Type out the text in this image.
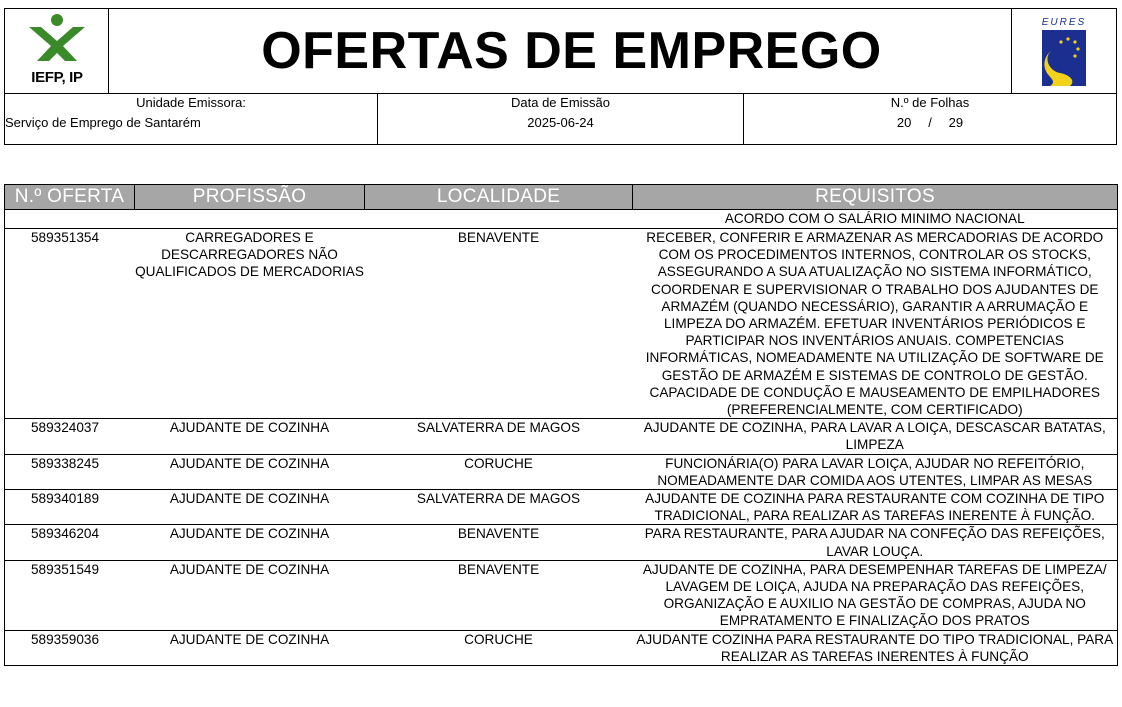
IEFP, IP	OFERTAS DE EMPREGO	EURES
Unidade Emissora:
Serviço de Emprego de Santarém
Data de Emissão
2025-06-24
N.º de Folhas
20 / 29
N.º OFERTA	PROFISSÃO	LOCALIDADE	REQUISITOS
			ACORDO COM O SALÁRIO MINIMO NACIONAL
589351354	CARREGADORES E DESCARREGADORES NÃO QUALIFICADOS DE MERCADORIAS	BENAVENTE	RECEBER, CONFERIR E ARMAZENAR AS MERCADORIAS DE ACORDO COM OS PROCEDIMENTOS INTERNOS, CONTROLAR OS STOCKS, ASSEGURANDO A SUA ATUALIZAÇÃO NO SISTEMA INFORMÁTICO, COORDENAR E SUPERVISIONAR O TRABALHO DOS AJUDANTES DE ARMAZÉM (QUANDO NECESSÁRIO), GARANTIR A ARRUMAÇÃO E LIMPEZA DO ARMAZÉM. EFETUAR INVENTÁRIOS PERIÓDICOS E PARTICIPAR NOS INVENTÁRIOS ANUAIS. COMPETENCIAS INFORMÁTICAS, NOMEADAMENTE NA UTILIZAÇÃO DE SOFTWARE DE GESTÃO DE ARMAZÉM E SISTEMAS DE CONTROLO DE GESTÃO. CAPACIDADE DE CONDUÇÃO E MAUSEAMENTO DE EMPILHADORES (PREFERENCIALMENTE, COM CERTIFICADO)
589324037	AJUDANTE DE COZINHA	SALVATERRA DE MAGOS	AJUDANTE DE COZINHA, PARA LAVAR A LOIÇA, DESCASCAR BATATAS, LIMPEZA
589338245	AJUDANTE DE COZINHA	CORUCHE	FUNCIONÁRIA(O) PARA LAVAR LOIÇA, AJUDAR NO REFEITÓRIO, NOMEADAMENTE DAR COMIDA AOS UTENTES, LIMPAR AS MESAS
589340189	AJUDANTE DE COZINHA	SALVATERRA DE MAGOS	AJUDANTE DE COZINHA PARA RESTAURANTE COM COZINHA DE TIPO TRADICIONAL, PARA REALIZAR AS TAREFAS INERENTE À FUNÇÃO.
589346204	AJUDANTE DE COZINHA	BENAVENTE	PARA RESTAURANTE, PARA AJUDAR NA CONFEÇÃO DAS REFEIÇÕES, LAVAR LOUÇA.
589351549	AJUDANTE DE COZINHA	BENAVENTE	AJUDANTE DE COZINHA, PARA DESEMPENHAR TAREFAS DE LIMPEZA/ LAVAGEM DE LOIÇA, AJUDA NA PREPARAÇÃO DAS REFEIÇÕES, ORGANIZAÇÃO E AUXILIO NA GESTÃO DE COMPRAS, AJUDA NO EMPRATAMENTO E FINALIZAÇÃO DOS PRATOS
589359036	AJUDANTE DE COZINHA	CORUCHE	AJUDANTE COZINHA PARA RESTAURANTE DO TIPO TRADICIONAL, PARA REALIZAR AS TAREFAS INERENTES À FUNÇÃO
